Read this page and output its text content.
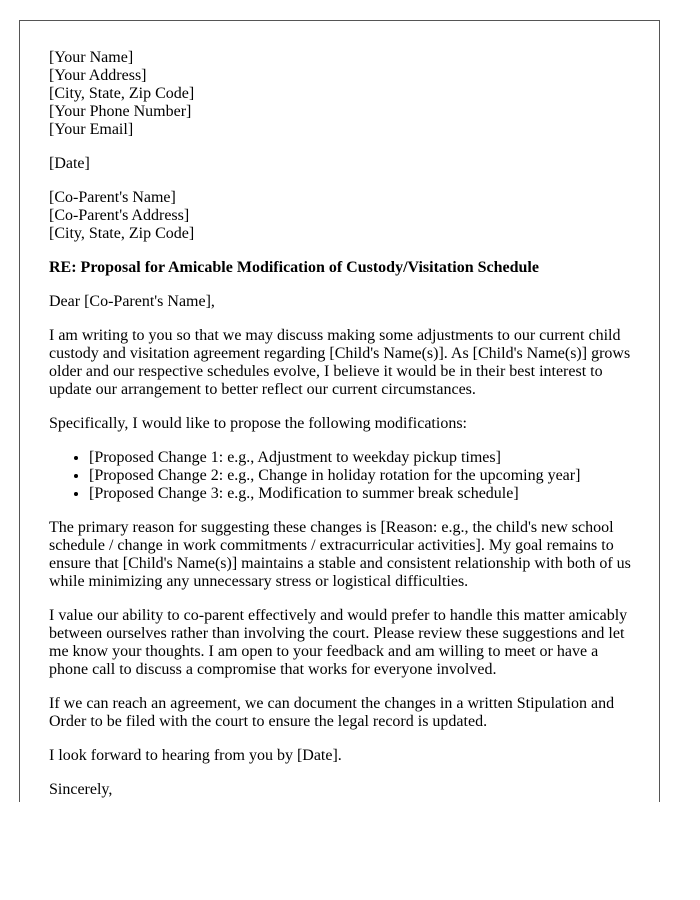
[Your Name]
[Your Address]
[City, State, Zip Code]
[Your Phone Number]
[Your Email]
[Date]
[Co-Parent's Name]
[Co-Parent's Address]
[City, State, Zip Code]
RE: Proposal for Amicable Modification of Custody/Visitation Schedule
Dear [Co-Parent's Name],

I am writing to you so that we may discuss making some adjustments to our current child custody and visitation agreement regarding [Child's Name(s)]. As [Child's Name(s)] grows older and our respective schedules evolve, I believe it would be in their best interest to update our arrangement to better reflect our current circumstances.

Specifically, I would like to propose the following modifications:

• [Proposed Change 1: e.g., Adjustment to weekday pickup times]
• [Proposed Change 2: e.g., Change in holiday rotation for the upcoming year]
• [Proposed Change 3: e.g., Modification to summer break schedule]

The primary reason for suggesting these changes is [Reason: e.g., the child's new school schedule / change in work commitments / extracurricular activities]. My goal remains to ensure that [Child's Name(s)] maintains a stable and consistent relationship with both of us while minimizing any unnecessary stress or logistical difficulties.

I value our ability to co-parent effectively and would prefer to handle this matter amicably between ourselves rather than involving the court. Please review these suggestions and let me know your thoughts. I am open to your feedback and am willing to meet or have a phone call to discuss a compromise that works for everyone involved.

If we can reach an agreement, we can document the changes in a written Stipulation and Order to be filed with the court to ensure the legal record is updated.

I look forward to hearing from you by [Date].

Sincerely,
